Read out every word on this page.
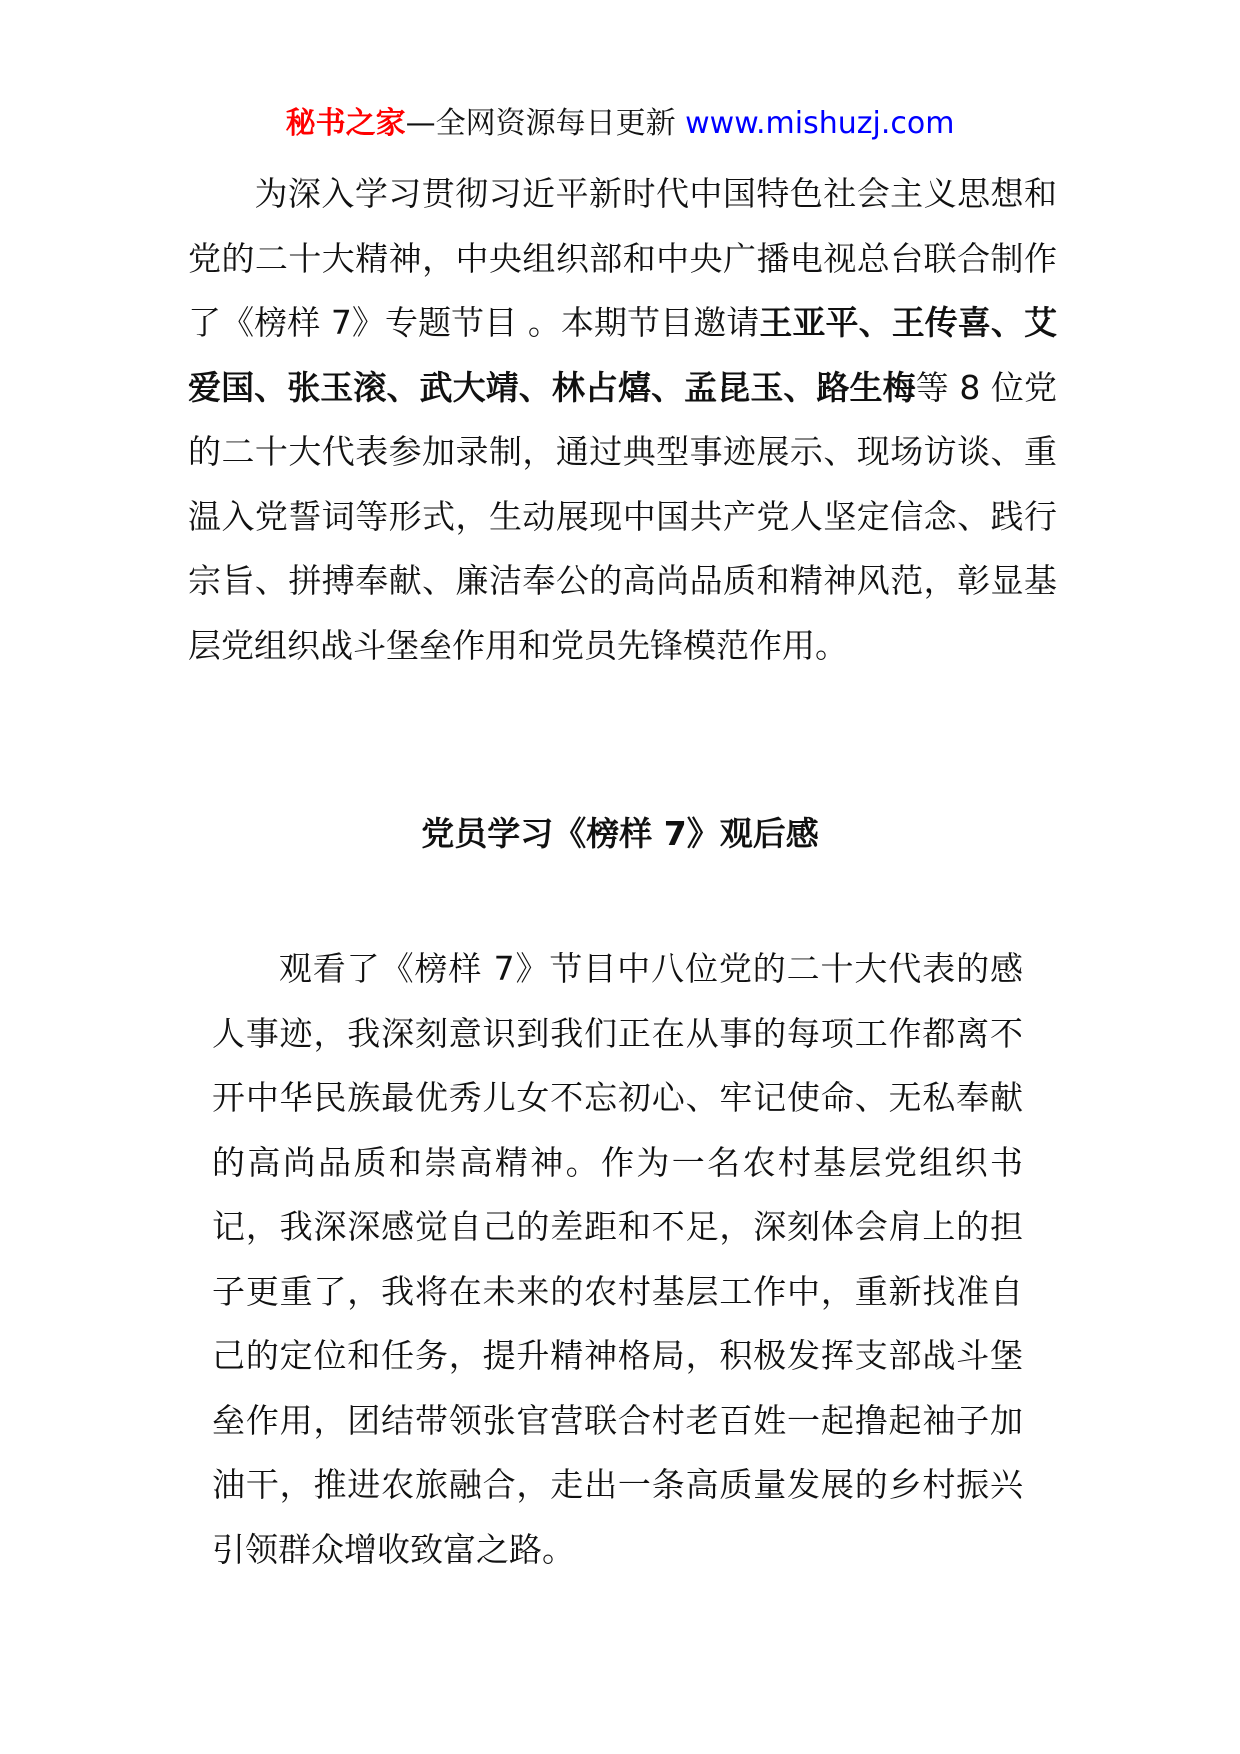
秘书之家—全网资源每日更新 www.mishuzj.com

为深入学习贯彻习近平新时代中国特色社会主义思想和党的二十大精神，中央组织部和中央广播电视总台联合制作了《榜样 7》专题节目 。本期节目邀请王亚平、王传喜、艾爱国、张玉滚、武大靖、林占熺、孟昆玉、路生梅等 8 位党的二十大代表参加录制，通过典型事迹展示、现场访谈、重温入党誓词等形式，生动展现中国共产党人坚定信念、践行宗旨、拼搏奉献、廉洁奉公的高尚品质和精神风范，彰显基层党组织战斗堡垒作用和党员先锋模范作用。

党员学习《榜样 7》观后感

观看了《榜样 7》节目中八位党的二十大代表的感人事迹，我深刻意识到我们正在从事的每项工作都离不开中华民族最优秀儿女不忘初心、牢记使命、无私奉献的高尚品质和崇高精神。作为一名农村基层党组织书记，我深深感觉自己的差距和不足，深刻体会肩上的担子更重了，我将在未来的农村基层工作中，重新找准自己的定位和任务，提升精神格局，积极发挥支部战斗堡垒作用，团结带领张官营联合村老百姓一起撸起袖子加油干，推进农旅融合，走出一条高质量发展的乡村振兴引领群众增收致富之路。
